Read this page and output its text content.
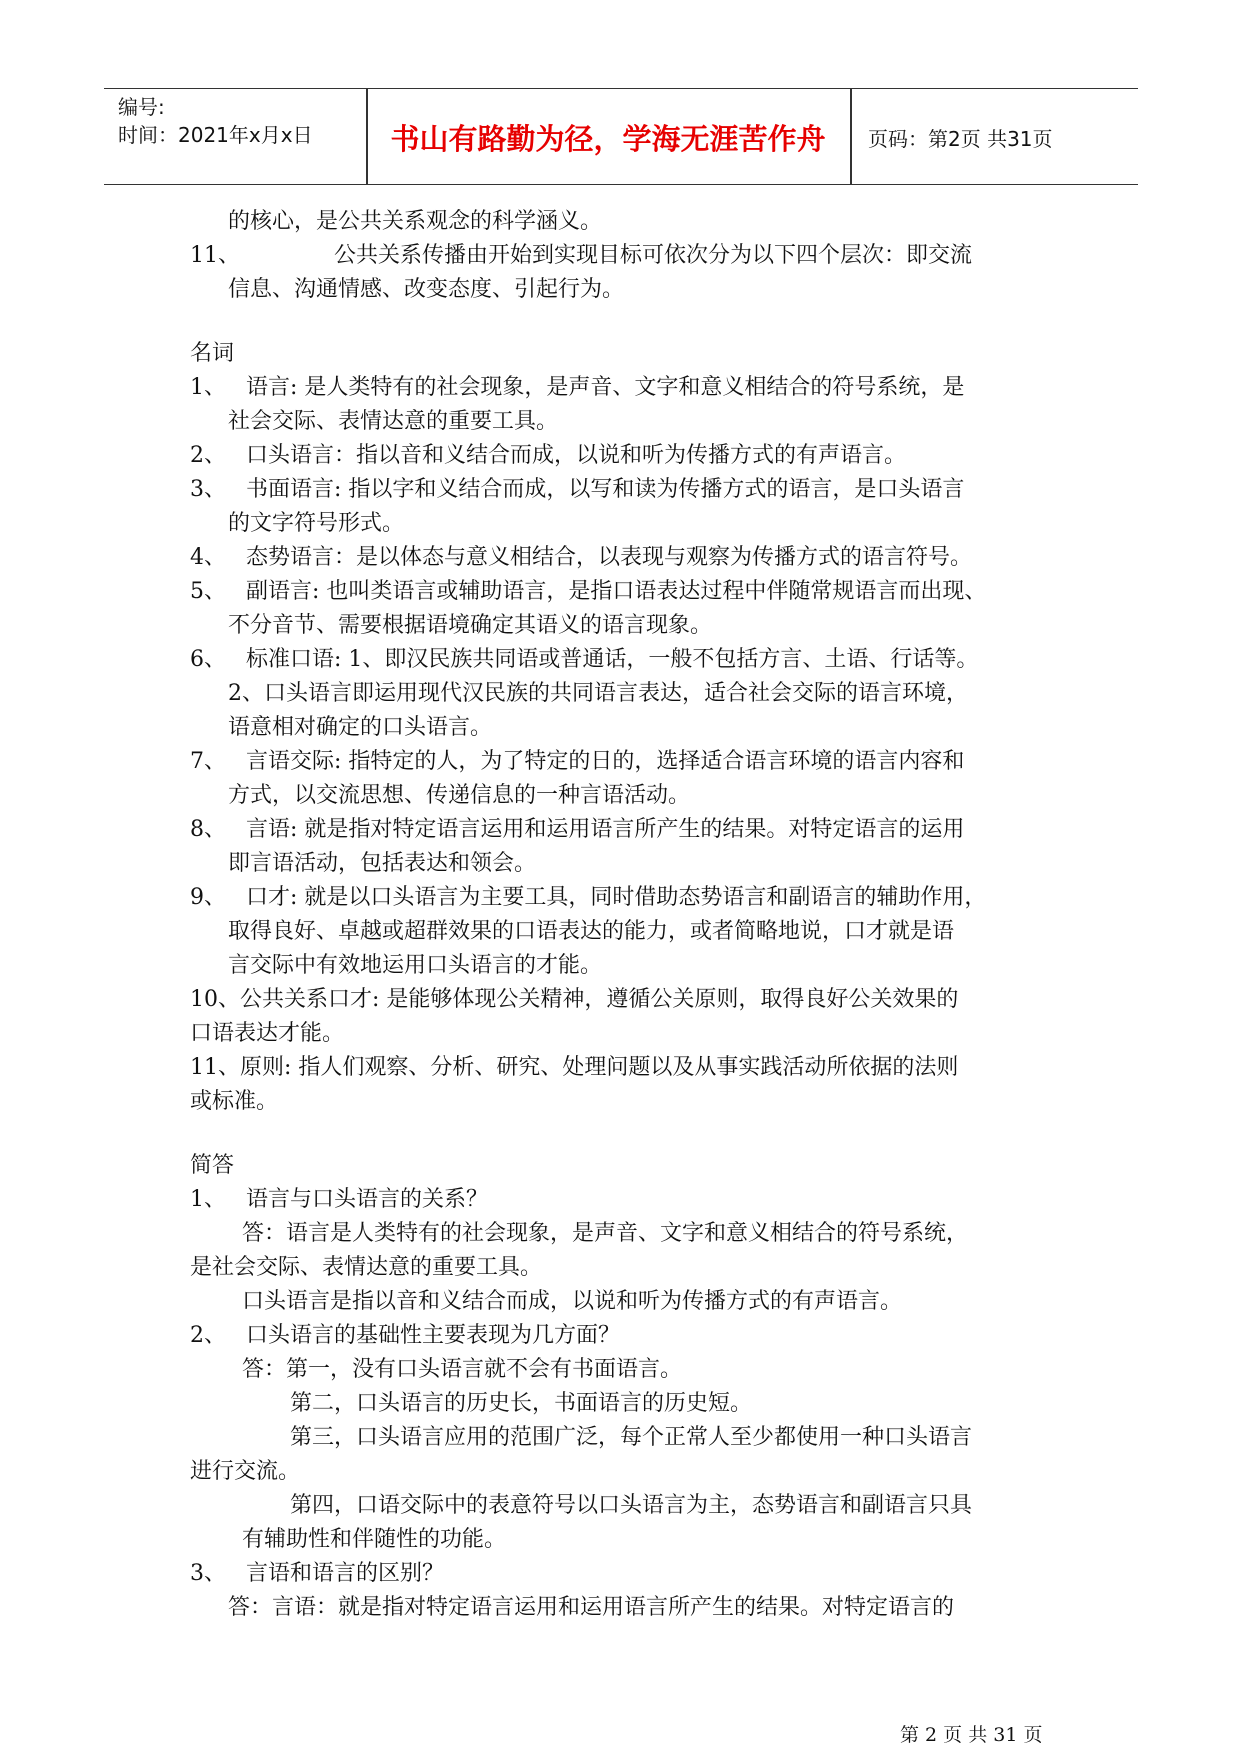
编号:
时间：2021年x月x日	书山有路勤为径，学海无涯苦作舟	页码：第2页 共31页
的核心，是公共关系观念的科学涵义。
11、	公共关系传播由开始到实现目标可依次分为以下四个层次：即交流
信息、沟通情感、改变态度、引起行为。
名词
1、 语言: 是人类特有的社会现象，是声音、文字和意义相结合的符号系统，是
社会交际、表情达意的重要工具。
2、 口头语言：指以音和义结合而成，以说和听为传播方式的有声语言。
3、 书面语言: 指以字和义结合而成，以写和读为传播方式的语言，是口头语言
的文字符号形式。
4、 态势语言：是以体态与意义相结合，以表现与观察为传播方式的语言符号。
5、 副语言: 也叫类语言或辅助语言，是指口语表达过程中伴随常规语言而出现、
不分音节、需要根据语境确定其语义的语言现象。
6、 标准口语: 1、即汉民族共同语或普通话，一般不包括方言、土语、行话等。
2、口头语言即运用现代汉民族的共同语言表达，适合社会交际的语言环境，
语意相对确定的口头语言。
7、 言语交际: 指特定的人，为了特定的日的，选择适合语言环境的语言内容和
方式，以交流思想、传递信息的一种言语活动。
8、 言语: 就是指对特定语言运用和运用语言所产生的结果。对特定语言的运用
即言语活动，包括表达和领会。
9、 口才: 就是以口头语言为主要工具，同时借助态势语言和副语言的辅助作用，
取得良好、卓越或超群效果的口语表达的能力，或者简略地说，口才就是语
言交际中有效地运用口头语言的才能。
10、公共关系口才: 是能够体现公关精神，遵循公关原则，取得良好公关效果的
口语表达才能。
11、原则: 指人们观察、分析、研究、处理问题以及从事实践活动所依据的法则
或标准。
简答
1、 语言与口头语言的关系？
答：语言是人类特有的社会现象，是声音、文字和意义相结合的符号系统，
是社会交际、表情达意的重要工具。
口头语言是指以音和义结合而成，以说和听为传播方式的有声语言。
2、 口头语言的基础性主要表现为几方面？
答：第一，没有口头语言就不会有书面语言。
第二，口头语言的历史长，书面语言的历史短。
第三，口头语言应用的范围广泛，每个正常人至少都使用一种口头语言
进行交流。
第四，口语交际中的表意符号以口头语言为主，态势语言和副语言只具
有辅助性和伴随性的功能。
3、 言语和语言的区别？
答：言语：就是指对特定语言运用和运用语言所产生的结果。对特定语言的
第 2 页 共 31 页
